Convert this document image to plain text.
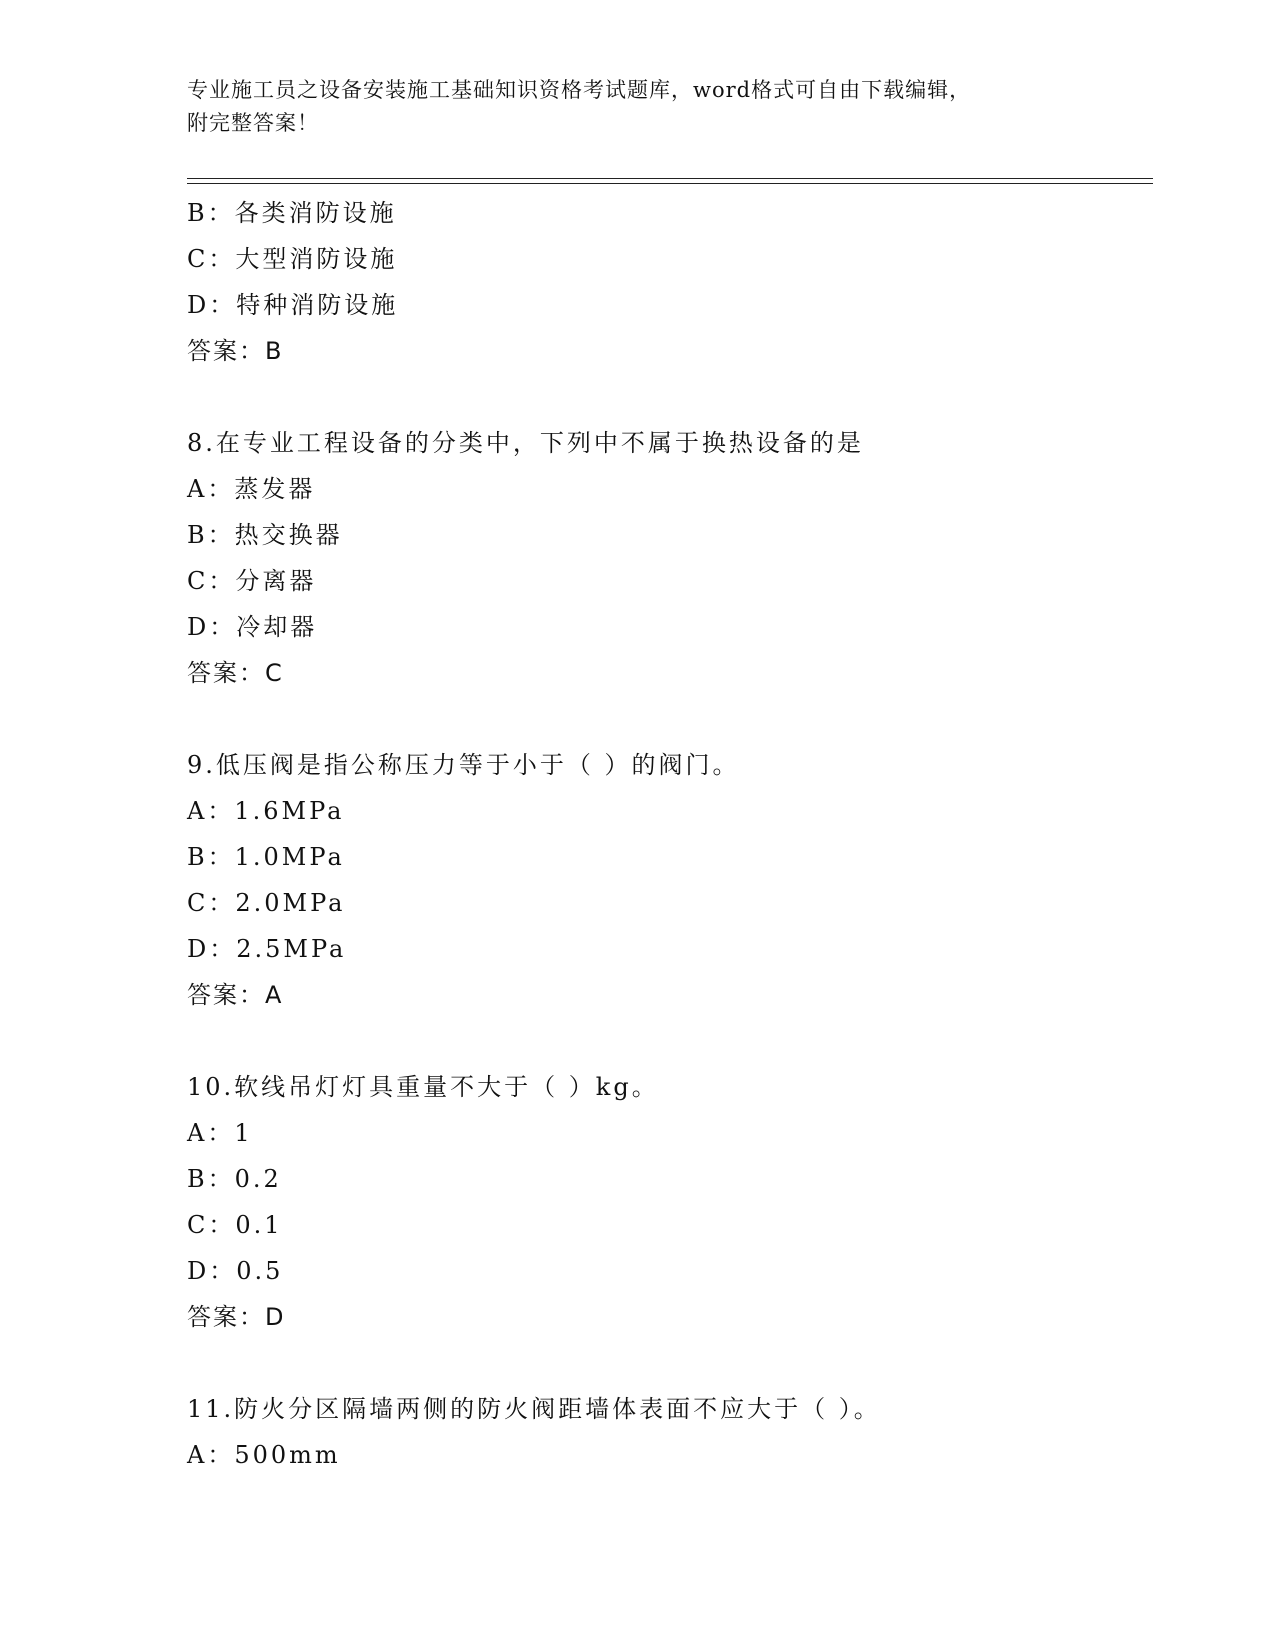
专业施工员之设备安装施工基础知识资格考试题库，word格式可自由下载编辑，
附完整答案！
B：各类消防设施
C：大型消防设施
D：特种消防设施
答案：B
8.在专业工程设备的分类中，下列中不属于换热设备的是
A：蒸发器
B：热交换器
C：分离器
D：冷却器
答案：C
9.低压阀是指公称压力等于小于（ ）的阀门。
A：1.6MPa
B：1.0MPa
C：2.0MPa
D：2.5MPa
答案：A
10.软线吊灯灯具重量不大于（ ）kg。
A：1
B：0.2
C：0.1
D：0.5
答案：D
11.防火分区隔墙两侧的防火阀距墙体表面不应大于（ ）。
A：500mm
